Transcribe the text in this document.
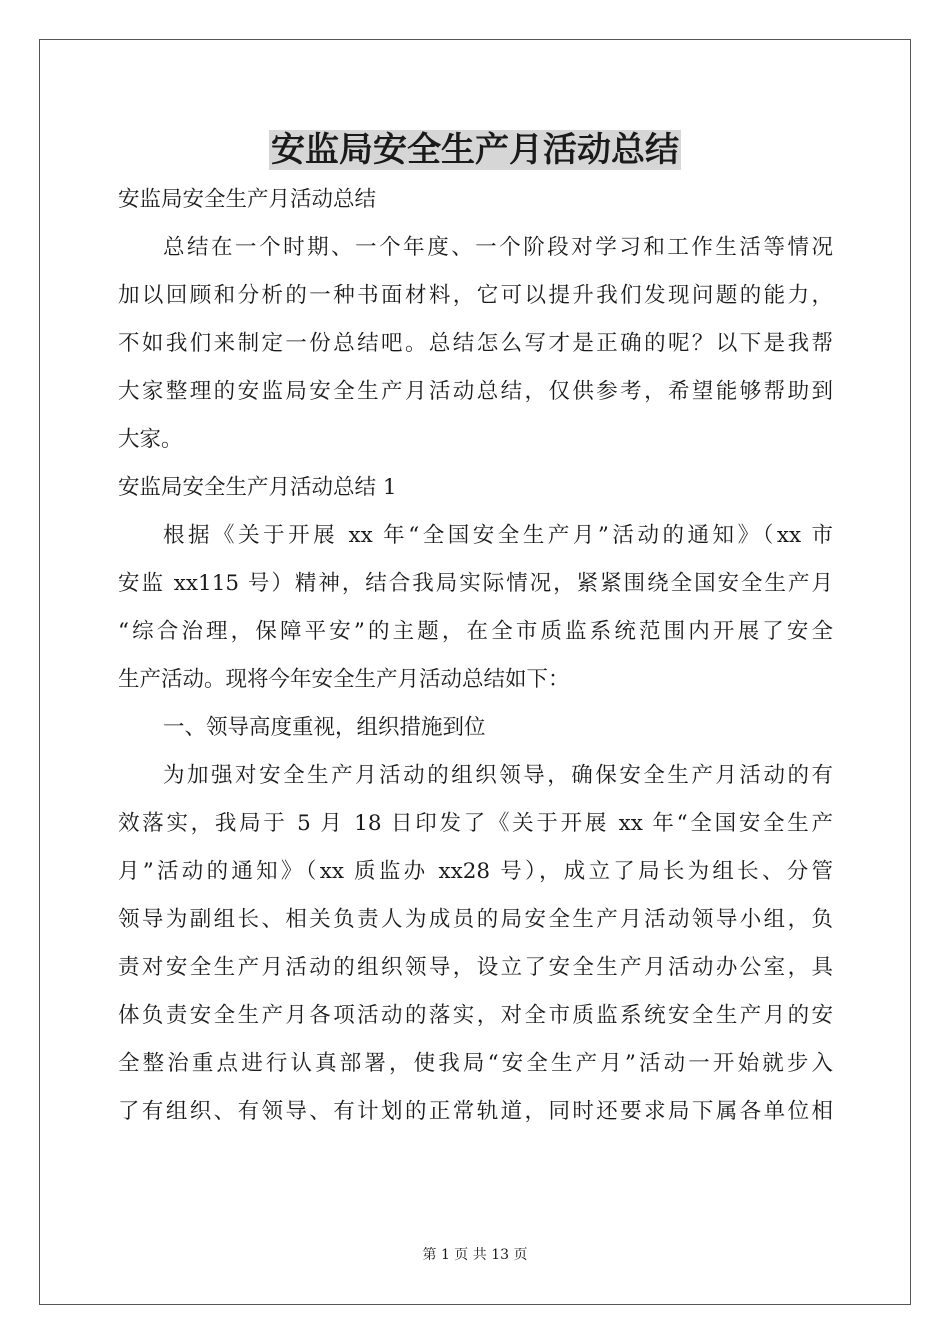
安监局安全生产月活动总结

安监局安全生产月活动总结

总结在一个时期、一个年度、一个阶段对学习和工作生活等情况

加以回顾和分析的一种书面材料，它可以提升我们发现问题的能力，

不如我们来制定一份总结吧。总结怎么写才是正确的呢？以下是我帮

大家整理的安监局安全生产月活动总结，仅供参考，希望能够帮助到

大家。

安监局安全生产月活动总结 1

根据《关于开展 xx 年“全国安全生产月”活动的通知》（xx 市

安监 xx115 号）精神，结合我局实际情况，紧紧围绕全国安全生产月

“综合治理，保障平安”的主题，在全市质监系统范围内开展了安全

生产活动。现将今年安全生产月活动总结如下：

一、领导高度重视，组织措施到位

为加强对安全生产月活动的组织领导，确保安全生产月活动的有

效落实，我局于 5 月 18 日印发了《关于开展 xx 年“全国安全生产

月”活动的通知》（xx 质监办 xx28 号），成立了局长为组长、分管

领导为副组长、相关负责人为成员的局安全生产月活动领导小组，负

责对安全生产月活动的组织领导，设立了安全生产月活动办公室，具

体负责安全生产月各项活动的落实，对全市质监系统安全生产月的安

全整治重点进行认真部署，使我局“安全生产月”活动一开始就步入

了有组织、有领导、有计划的正常轨道，同时还要求局下属各单位相

第 1 页 共 13 页
